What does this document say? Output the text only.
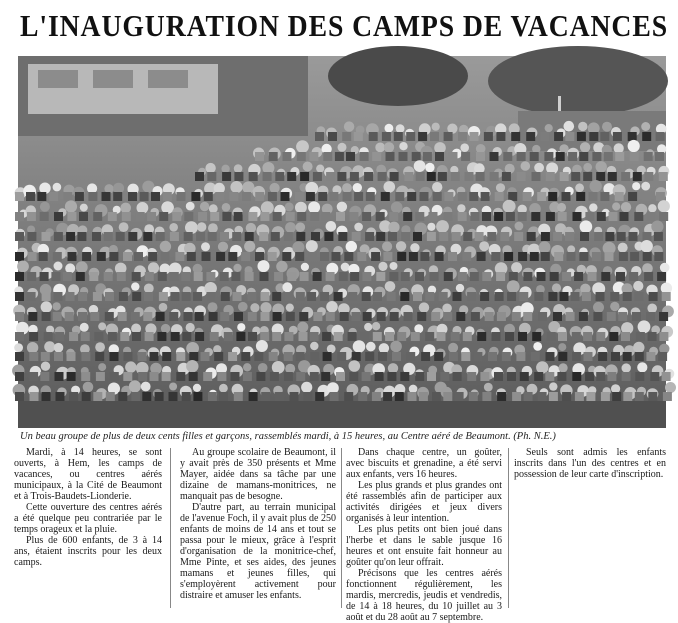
L'INAUGURATION DES CAMPS DE VACANCES
Un beau groupe de plus de deux cents filles et garçons, rassemblés mardi, à 15 heures, au Centre aéré de Beaumont. (Ph. N.E.)

Mardi, à 14 heures, se sont ouverts, à Hem, les camps de vacances, ou centres aérés municipaux, à la Cité de Beaumont et à Trois-Baudets-Lionderie.

Cette ouverture des centres aérés a été quelque peu contrariée par le temps orageux et la pluie.

Plus de 600 enfants, de 3 à 14 ans, étaient inscrits pour les deux camps.

Au groupe scolaire de Beaumont, il y avait près de 350 présents et Mme Mayer, aidée dans sa tâche par une dizaine de mamans-monitrices, ne manquait pas de besogne.

D'autre part, au terrain municipal de l'avenue Foch, il y avait plus de 250 enfants de moins de 14 ans et tout se passa pour le mieux, grâce à l'esprit d'organisation de la monitrice-chef, Mme Pinte, et ses aides, des jeunes mamans et jeunes filles, qui s'employèrent activement pour distraire et amuser les enfants.

Dans chaque centre, un goûter, avec biscuits et grenadine, a été servi aux enfants, vers 16 heures.

Les plus grands et plus grandes ont été rassemblés afin de participer aux activités dirigées et jeux divers organisés à leur intention.

Les plus petits ont bien joué dans l'herbe et dans le sable jusque 16 heures et ont ensuite fait honneur au goûter qu'on leur offrait.

Précisons que les centres aérés fonctionnent régulièrement, les mardis, mercredis, jeudis et vendredis, de 14 à 18 heures, du 10 juillet au 3 août et du 28 août au 7 septembre.

Seuls sont admis les enfants inscrits dans l'un des centres et en possession de leur carte d'inscription.
